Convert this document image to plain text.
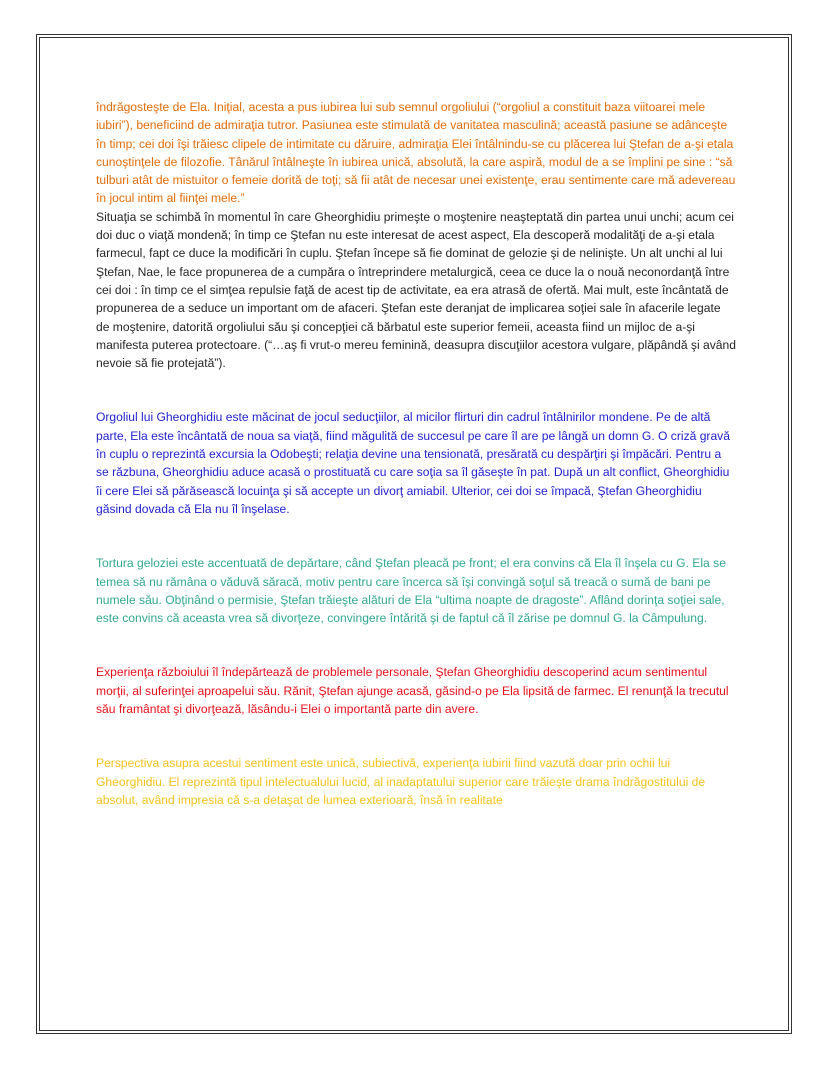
îndrăgosteşte de Ela. Iniţial, acesta a pus iubirea lui sub semnul orgoliului (“orgoliul a constituit baza viitoarei mele iubiri”), beneficiind de admiraţia tutror. Pasiunea este stimulată de vanitatea masculină; această pasiune se adânceşte în timp; cei doi îşi trăiesc clipele de intimitate cu dăruire, admiraţia Elei întâlnindu-se cu plăcerea lui Ştefan de a-şi etala cunoştinţele de filozofie. Tânărul întâlneşte în iubirea unică, absolută, la care aspiră, modul de a se împlini pe sine : “să tulburi atât de mistuitor o femeie dorită de toţi; să fii atât de necesar unei existenţe, erau sentimente care mă adevereau în jocul intim al fiinţei mele.”

Situaţia se schimbă în momentul în care Gheorghidiu primeşte o moştenire neaşteptată din partea unui unchi; acum cei doi duc o viaţă mondenă; în timp ce Ştefan nu este interesat de acest aspect, Ela descoperă modalităţi de a-şi etala farmecul, fapt ce duce la modificări în cuplu. Ştefan începe să fie dominat de gelozie şi de nelinişte. Un alt unchi al lui Ştefan, Nae, le face propunerea de a cumpăra o întreprindere metalurgică, ceea ce duce la o nouă neconordanţă între cei doi : în timp ce el simţea repulsie faţă de acest tip de activitate, ea era atrasă de ofertă. Mai mult, este încântată de propunerea de a seduce un important om de afaceri. Ştefan este deranjat de implicarea soţiei sale în afacerile legate de moştenire, datorită orgoliului său şi concepţiei că bărbatul este superior femeii, aceasta fiind un mijloc de a-şi manifesta puterea protectoare. (“…aş fi vrut-o mereu feminină, deasupra discuţiilor acestora vulgare, plăpândă şi având nevoie să fie protejată”).

Orgoliul lui Gheorghidiu este măcinat de jocul seducţiilor, al micilor flirturi din cadrul întâlnirilor mondene. Pe de altă parte, Ela este încântată de noua sa viaţă, fiind măgulită de succesul pe care îl are pe lângă un domn G. O criză gravă în cuplu o reprezintă excursia la Odobeşti; relaţia devine una tensionată, presărată cu despărţiri şi împăcări. Pentru a se răzbuna, Gheorghidiu aduce acasă o prostituată cu care soţia sa îl găseşte în pat. După un alt conflict, Gheorghidiu îi cere Elei să părăsească locuinţa şi să accepte un divorţ amiabil. Ulterior, cei doi se împacă, Ştefan Gheorghidiu găsind dovada că Ela nu îl înşelase.

Tortura geloziei este accentuată de depărtare, când Ştefan pleacă pe front; el era convins că Ela îl înşela cu G. Ela se temea să nu rămâna o văduvă săracă, motiv pentru care încerca să îşi convingă soţul să treacă o sumă de bani pe numele său. Obţinând o permisie, Ştefan trăieşte alături de Ela “ultima noapte de dragoste”. Aflând dorinţa soţiei sale, este convins că aceasta vrea să divorţeze, convingere întărită şi de faptul că îl zărise pe domnul G. la Câmpulung.

Experienţa războiului îl îndepărtează de problemele personale, Ştefan Gheorghidiu descoperind acum sentimentul morţii, al suferinţei aproapelui său. Rănit, Ştefan ajunge acasă, găsind-o pe Ela lipsită de farmec. El renunţă la trecutul său framântat şi divorţează, lăsându-i Elei o importantă parte din avere.

Perspectiva asupra acestui sentiment este unică, subiectivă, experienţa iubirii fiind vazută doar prin ochii lui Gheorghidiu. El reprezintă tipul intelectualului lucid, al inadaptatului superior care trăieşte drama îndrăgostitului de absolut, având impresia că s-a detaşat de lumea exterioară, însă în realitate
